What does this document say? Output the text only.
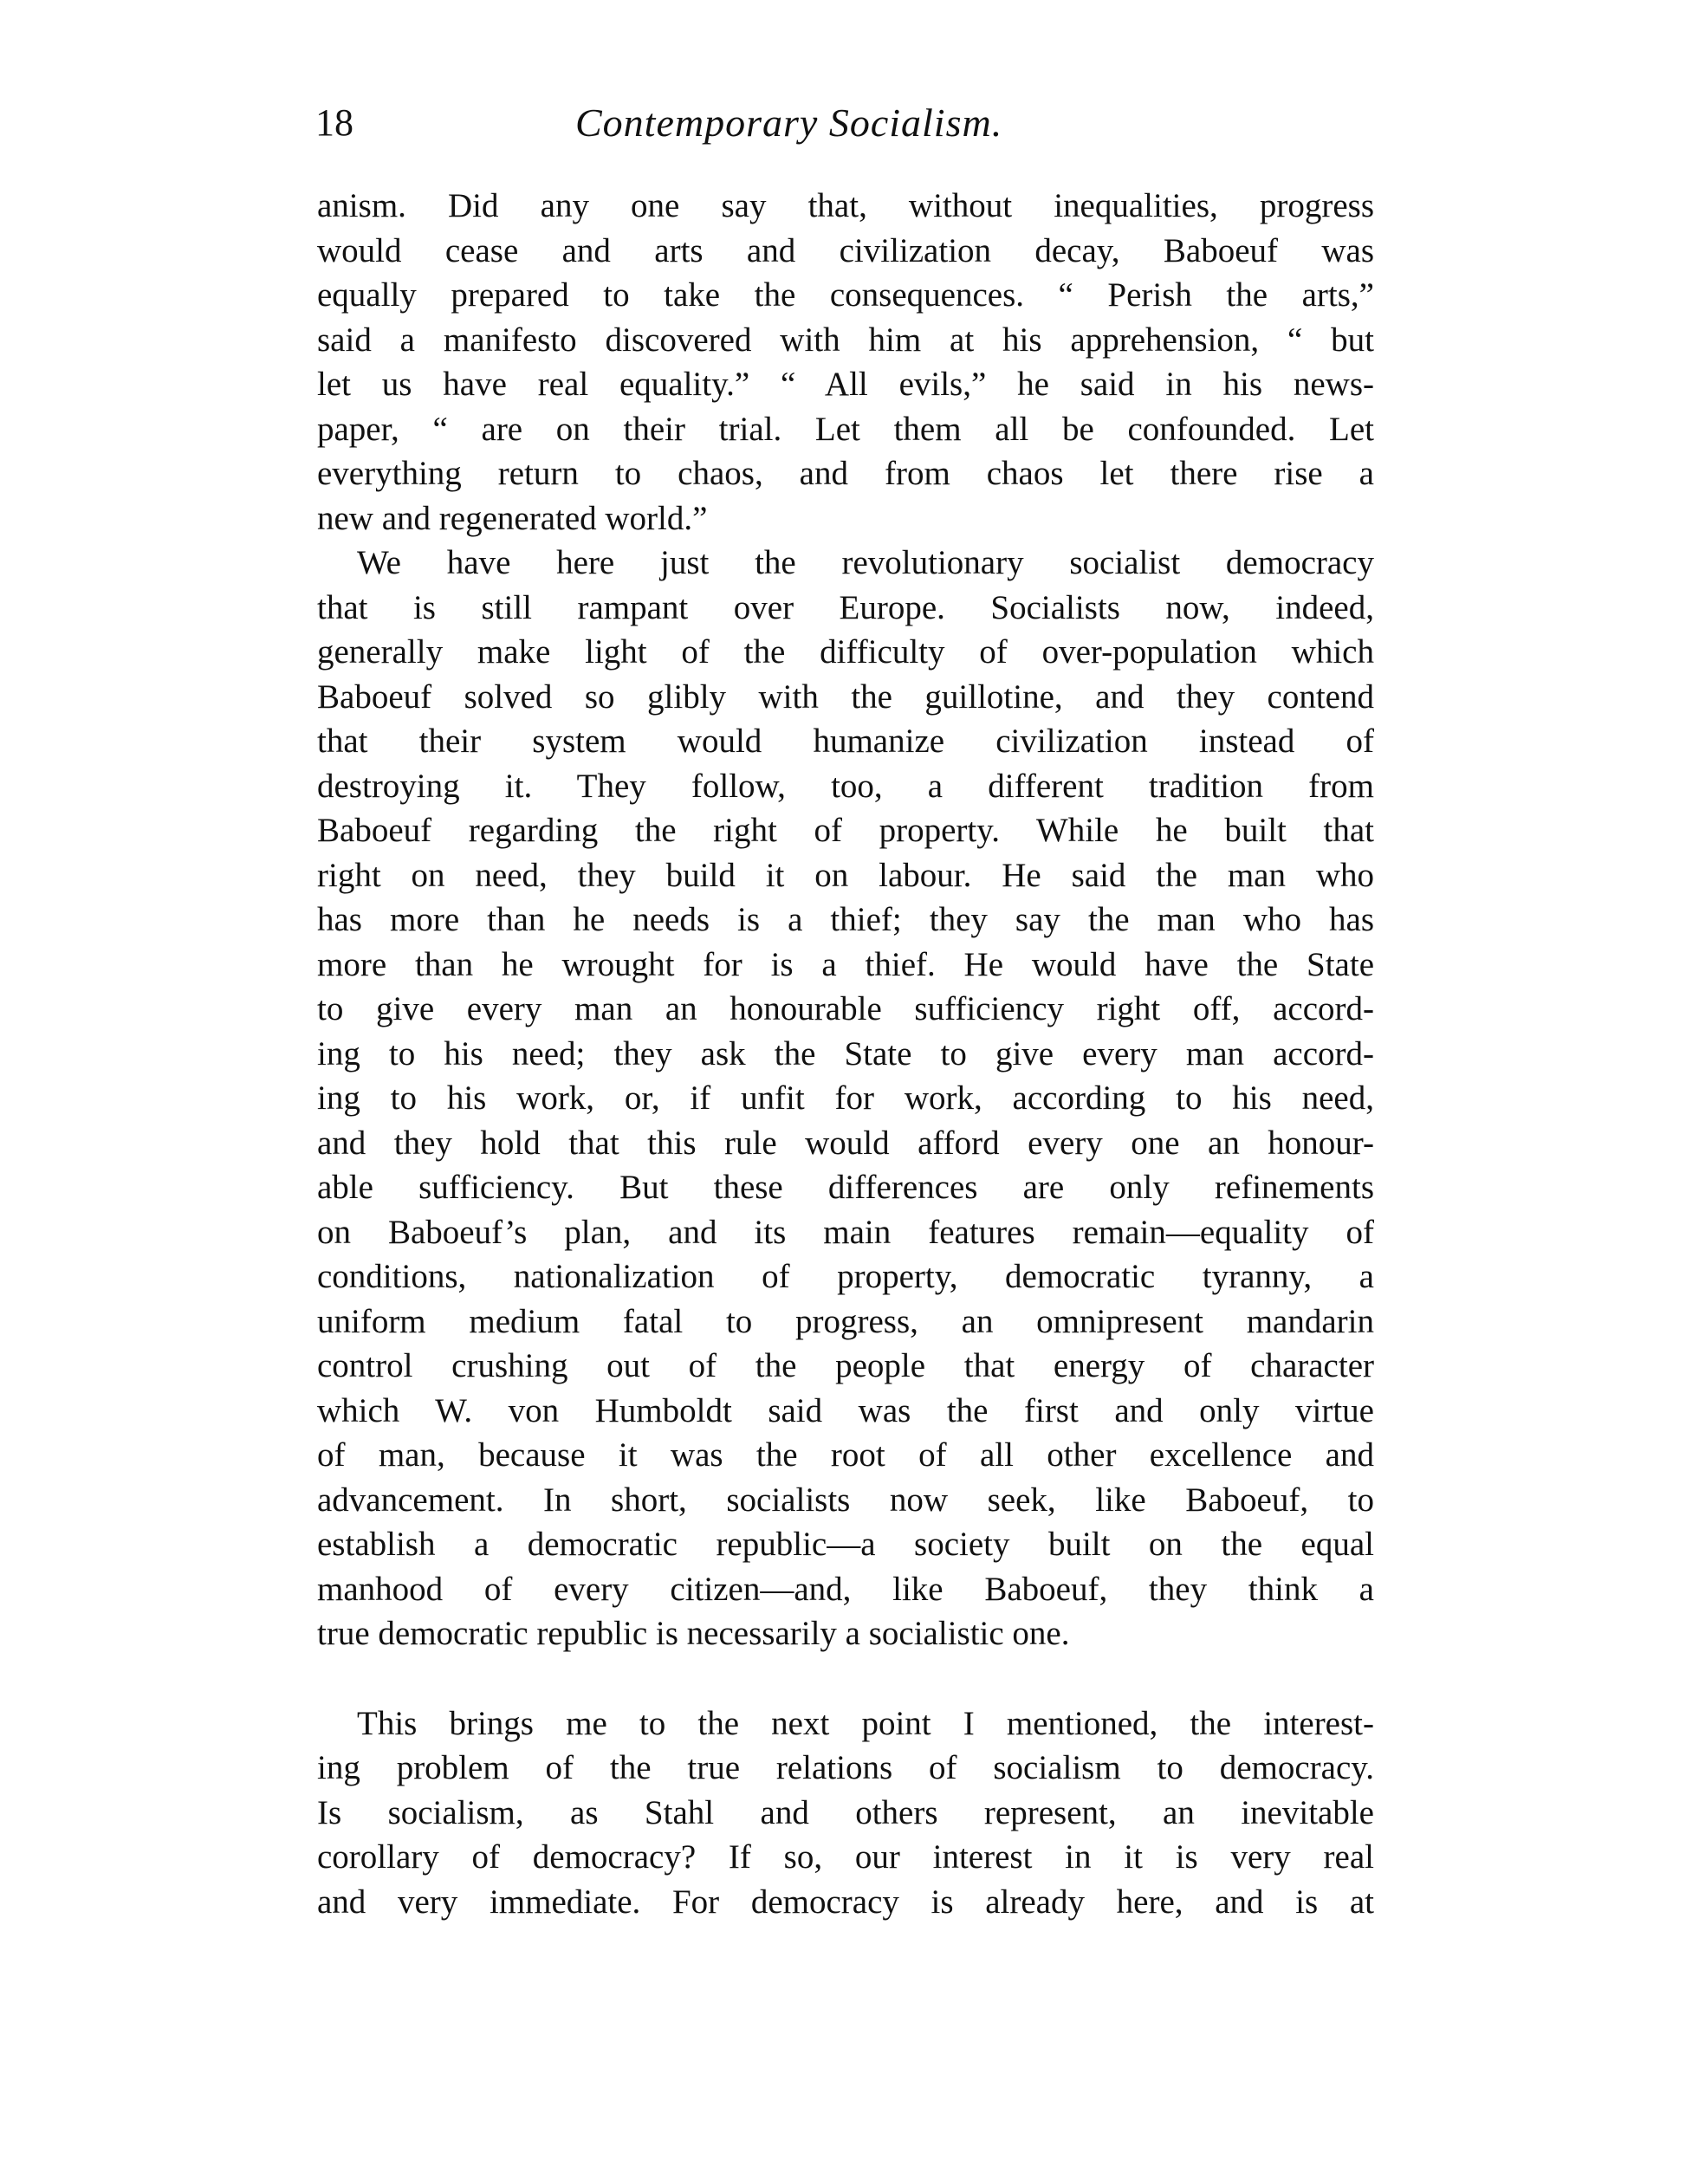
18	Contemporary Socialism.
anism. Did any one say that, without inequalities, progress
would cease and arts and civilization decay, Baboeuf was
equally prepared to take the consequences. “ Perish the arts,”
said a manifesto discovered with him at his apprehension, “ but
let us have real equality.” “ All evils,” he said in his news-
paper, “ are on their trial. Let them all be confounded. Let
everything return to chaos, and from chaos let there rise a
new and regenerated world.”
We have here just the revolutionary socialist democracy
that is still rampant over Europe. Socialists now, indeed,
generally make light of the difficulty of over-population which
Baboeuf solved so glibly with the guillotine, and they contend
that their system would humanize civilization instead of
destroying it. They follow, too, a different tradition from
Baboeuf regarding the right of property. While he built that
right on need, they build it on labour. He said the man who
has more than he needs is a thief; they say the man who has
more than he wrought for is a thief. He would have the State
to give every man an honourable sufficiency right off, accord-
ing to his need; they ask the State to give every man accord-
ing to his work, or, if unfit for work, according to his need,
and they hold that this rule would afford every one an honour-
able sufficiency. But these differences are only refinements
on Baboeuf’s plan, and its main features remain—equality of
conditions, nationalization of property, democratic tyranny, a
uniform medium fatal to progress, an omnipresent mandarin
control crushing out of the people that energy of character
which W. von Humboldt said was the first and only virtue
of man, because it was the root of all other excellence and
advancement. In short, socialists now seek, like Baboeuf, to
establish a democratic republic—a society built on the equal
manhood of every citizen—and, like Baboeuf, they think a
true democratic republic is necessarily a socialistic one.
This brings me to the next point I mentioned, the interest-
ing problem of the true relations of socialism to democracy.
Is socialism, as Stahl and others represent, an inevitable
corollary of democracy? If so, our interest in it is very real
and very immediate. For democracy is already here, and is at
